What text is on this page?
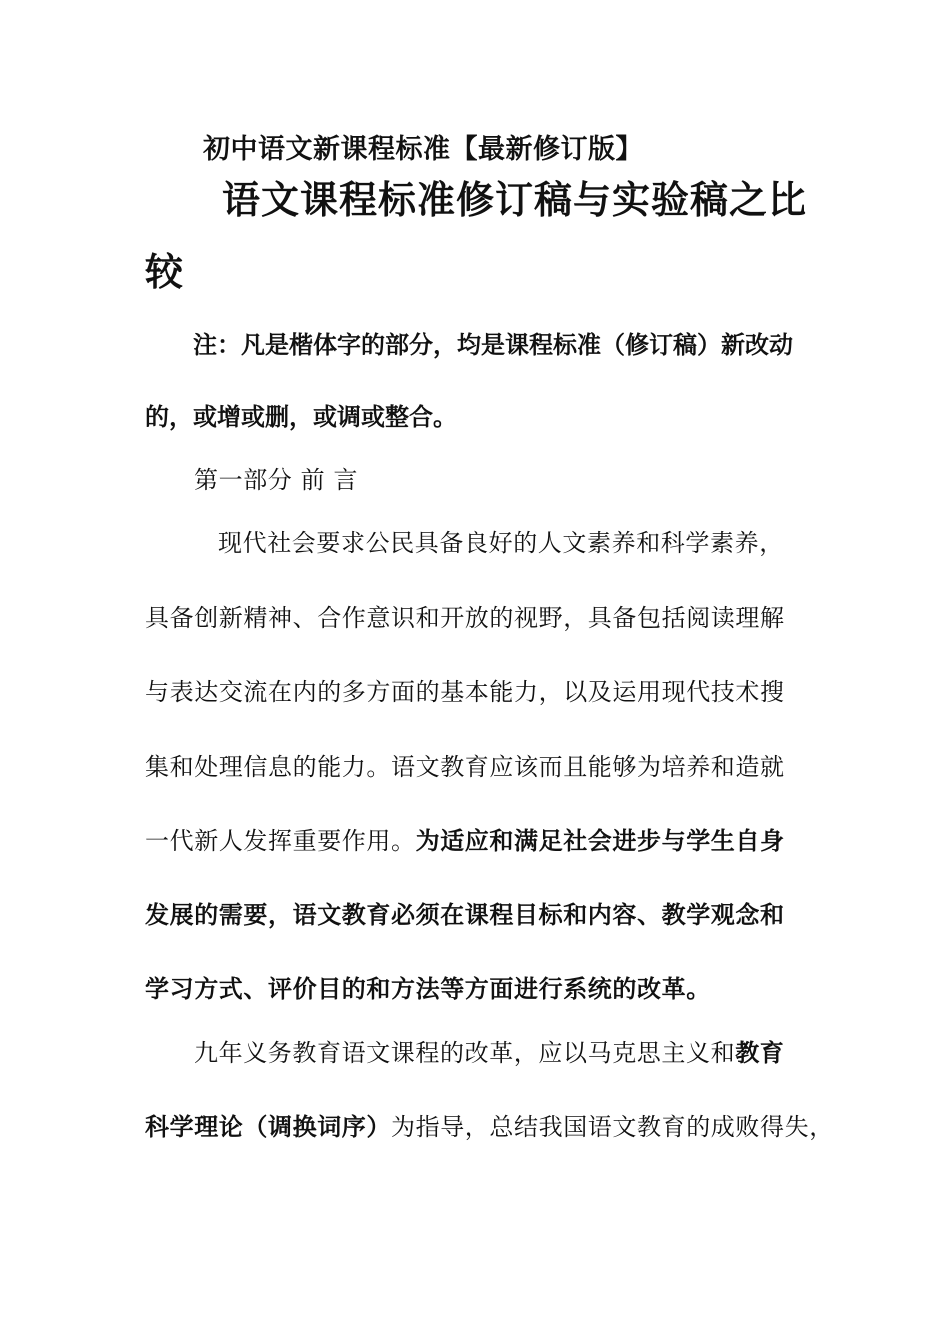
初中语文新课程标准【最新修订版】
语文课程标准修订稿与实验稿之比
较
注：凡是楷体字的部分，均是课程标准（修订稿）新改动
的，或增或删，或调或整合。
第一部分 前 言
现代社会要求公民具备良好的人文素养和科学素养，
具备创新精神、合作意识和开放的视野，具备包括阅读理解
与表达交流在内的多方面的基本能力，以及运用现代技术搜
集和处理信息的能力。语文教育应该而且能够为培养和造就
一代新人发挥重要作用。为适应和满足社会进步与学生自身
发展的需要，语文教育必须在课程目标和内容、教学观念和
学习方式、评价目的和方法等方面进行系统的改革。
九年义务教育语文课程的改革，应以马克思主义和教育
科学理论（调换词序）为指导，总结我国语文教育的成败得失，
